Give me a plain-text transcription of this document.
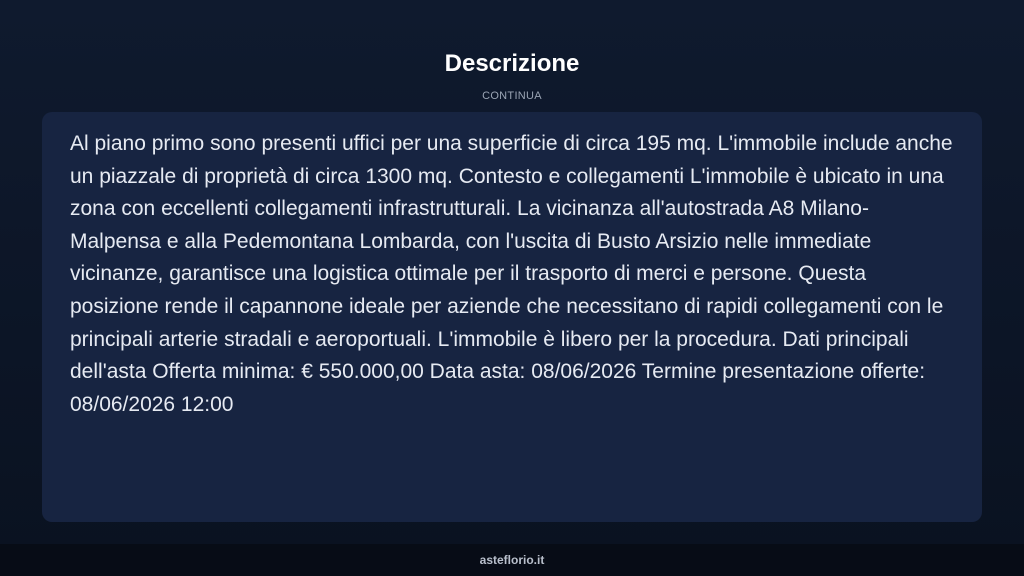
Descrizione
CONTINUA

Al piano primo sono presenti uffici per una superficie di circa 195 mq. L'immobile include anche un piazzale di proprietà di circa 1300 mq. Contesto e collegamenti L'immobile è ubicato in una zona con eccellenti collegamenti infrastrutturali. La vicinanza all'autostrada A8 Milano-Malpensa e alla Pedemontana Lombarda, con l'uscita di Busto Arsizio nelle immediate vicinanze, garantisce una logistica ottimale per il trasporto di merci e persone. Questa posizione rende il capannone ideale per aziende che necessitano di rapidi collegamenti con le principali arterie stradali e aeroportuali. L'immobile è libero per la procedura. Dati principali dell'asta Offerta minima: € 550.000,00 Data asta: 08/06/2026 Termine presentazione offerte: 08/06/2026 12:00

asteflorio.it
